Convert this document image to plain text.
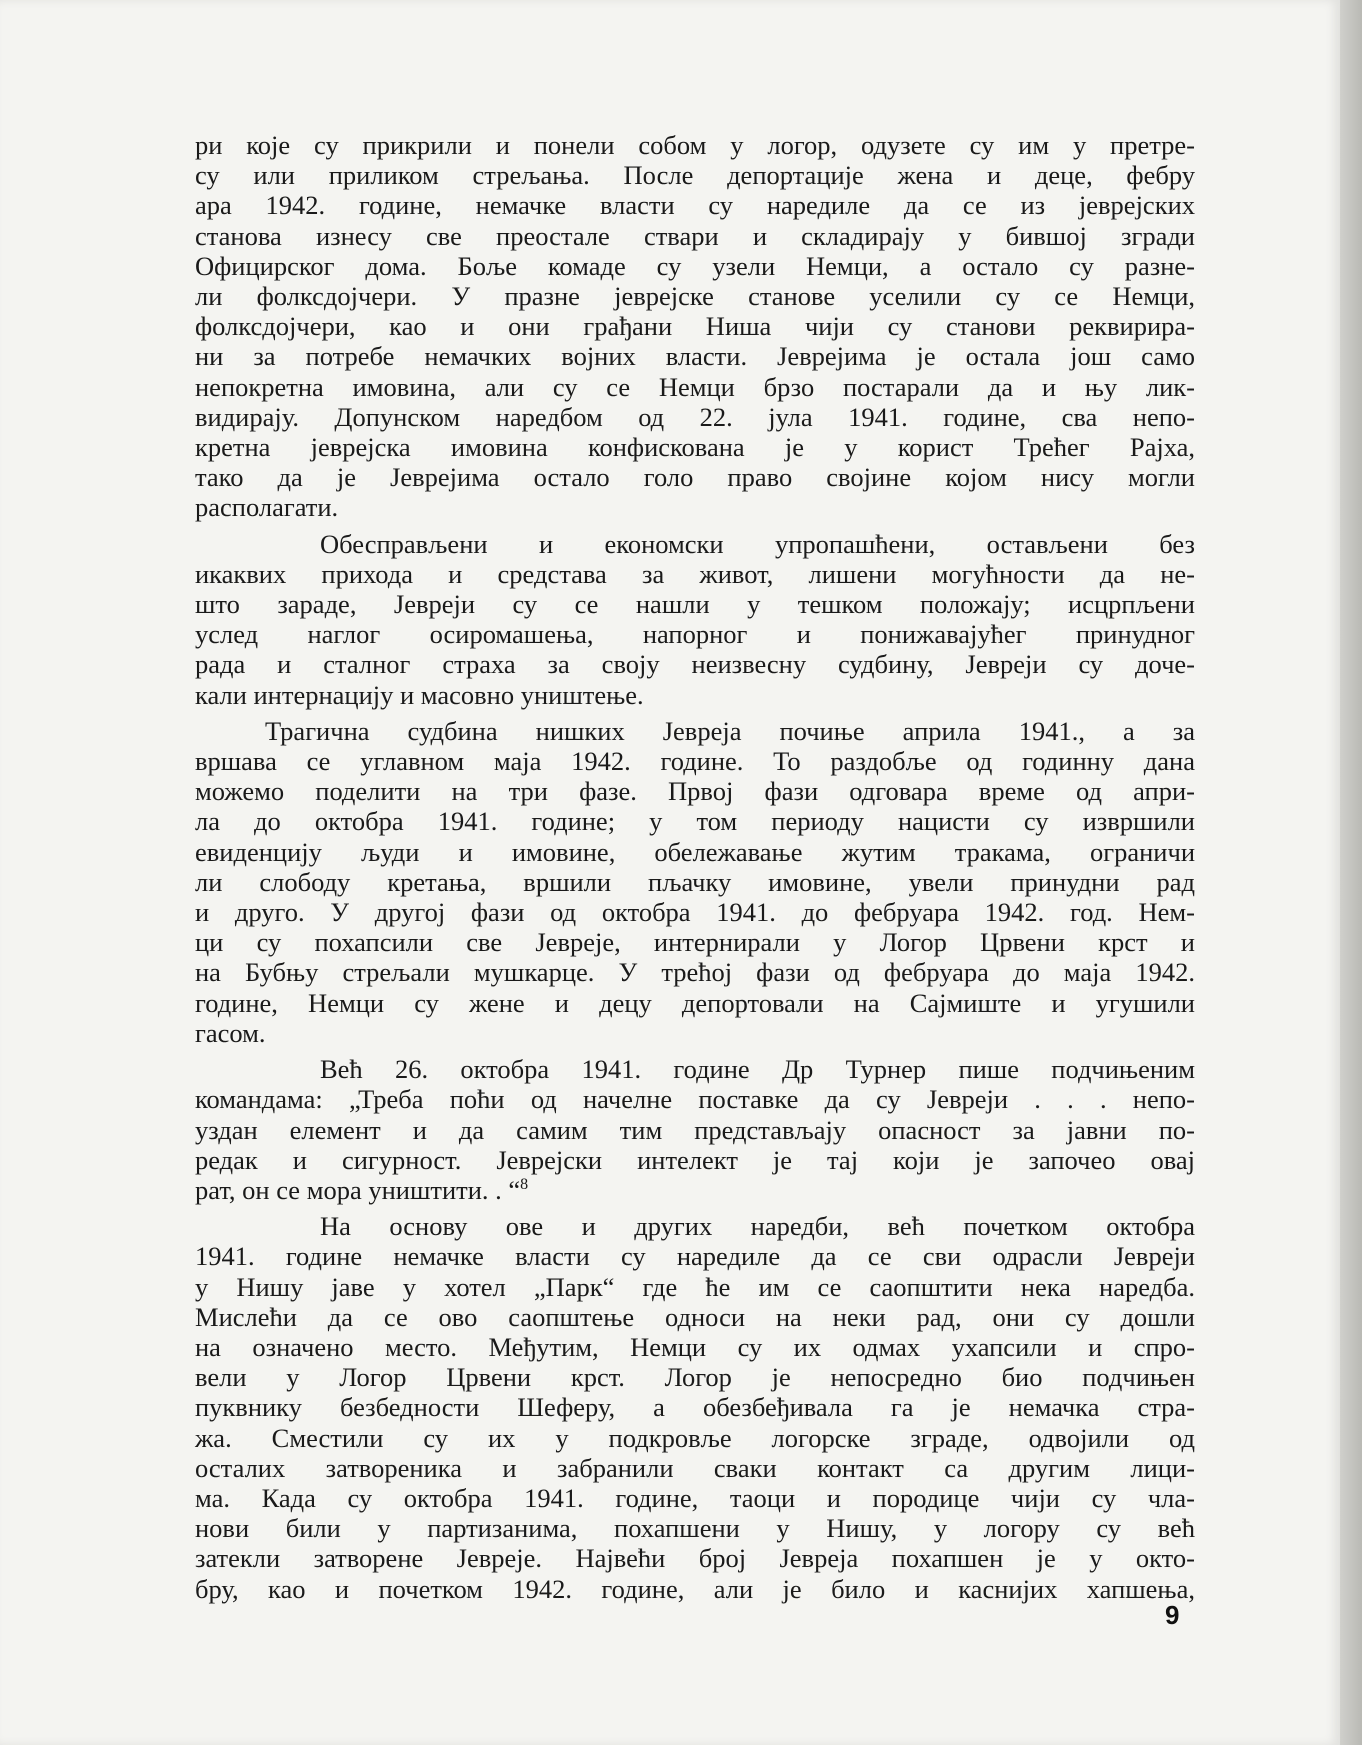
ри које су прикрили и понели собом у логор, одузете су им у претре-
су или приликом стрељања. После депортације жена и деце, фебру
ара 1942. године, немачке власти су наредиле да се из јеврејских
станова изнесу све преостале ствари и складирају у бившој згради
Официрског дома. Боље комаде су узели Немци, а остало су разне-
ли фолксдојчери. У празне јеврејске станове уселили су се Немци,
фолксдојчери, као и они грађани Ниша чији су станови реквирира-
ни за потребе немачких војних власти. Јеврејима је остала још само
непокретна имовина, али су се Немци брзо постарали да и њу лик-
видирају. Допунском наредбом од 22. јула 1941. године, сва непо-
кретна јеврејска имовина конфискована је у корист Трећег Рајха,
тако да је Јеврејима остало голо право својине којом нису могли
располагати.

Обесправљени и економски упропашћени, остављени без
икаквих прихода и средстава за живот, лишени могућности да не-
што зараде, Јевреји су се нашли у тешком положају; исцрпљени
услед наглог осиромашења, напорног и понижавајућег принудног
рада и сталног страха за своју неизвесну судбину, Јевреји су доче-
кали интернацију и масовно уништење.

Трагична судбина нишких Јевреја почиње априла 1941., а за
вршава се углавном маја 1942. године. То раздобље од годинну дана
можемо поделити на три фазе. Првој фази одговара време од апри-
ла до октобра 1941. године; у том периоду нацисти су извршили
евиденцију људи и имовине, обележавање жутим тракама, ограничи
ли слободу кретања, вршили пљачку имовине, увели принудни рад
и друго. У другој фази од октобра 1941. до фебруара 1942. год. Нем-
ци су похапсили све Јевреје, интернирали у Логор Црвени крст и
на Бубњу стрељали мушкарце. У трећој фази од фебруара до маја 1942.
године, Немци су жене и децу депортовали на Сајмиште и угушили
гасом.

Већ 26. октобра 1941. године Др Турнер пише подчињеним
командама: „Треба поћи од начелне поставке да су Јевреји . . . непо-
уздан елемент и да самим тим представљају опасност за јавни по-
редак и сигурност. Јеврејски интелект је тај који је започео овај
рат, он се мора уништити. . “$^8$

На основу ове и других наредби, већ почетком октобра
1941. године немачке власти су наредиле да се сви одрасли Јевреји
у Нишу јаве у хотел „Парк“ где ће им се саопштити нека наредба.
Мислећи да се ово саопштење односи на неки рад, они су дошли
на означено место. Међутим, Немци су их одмах ухапсили и спро-
вели у Логор Црвени крст. Логор је непосредно био подчињен
пуквнику безбедности Шеферу, а обезбеђивала га је немачка стра-
жа. Сместили су их у подкровље логорске зграде, одвојили од
осталих затвореника и забранили сваки контакт са другим лици-
ма. Када су октобра 1941. године, таоци и породице чији су чла-
нови били у партизанима, похапшени у Нишу, у логору су већ
затекли затворене Јевреје. Највећи број Јевреја похапшен је у окто-
бру, као и почетком 1942. године, али је било и каснијих хапшења,

9
